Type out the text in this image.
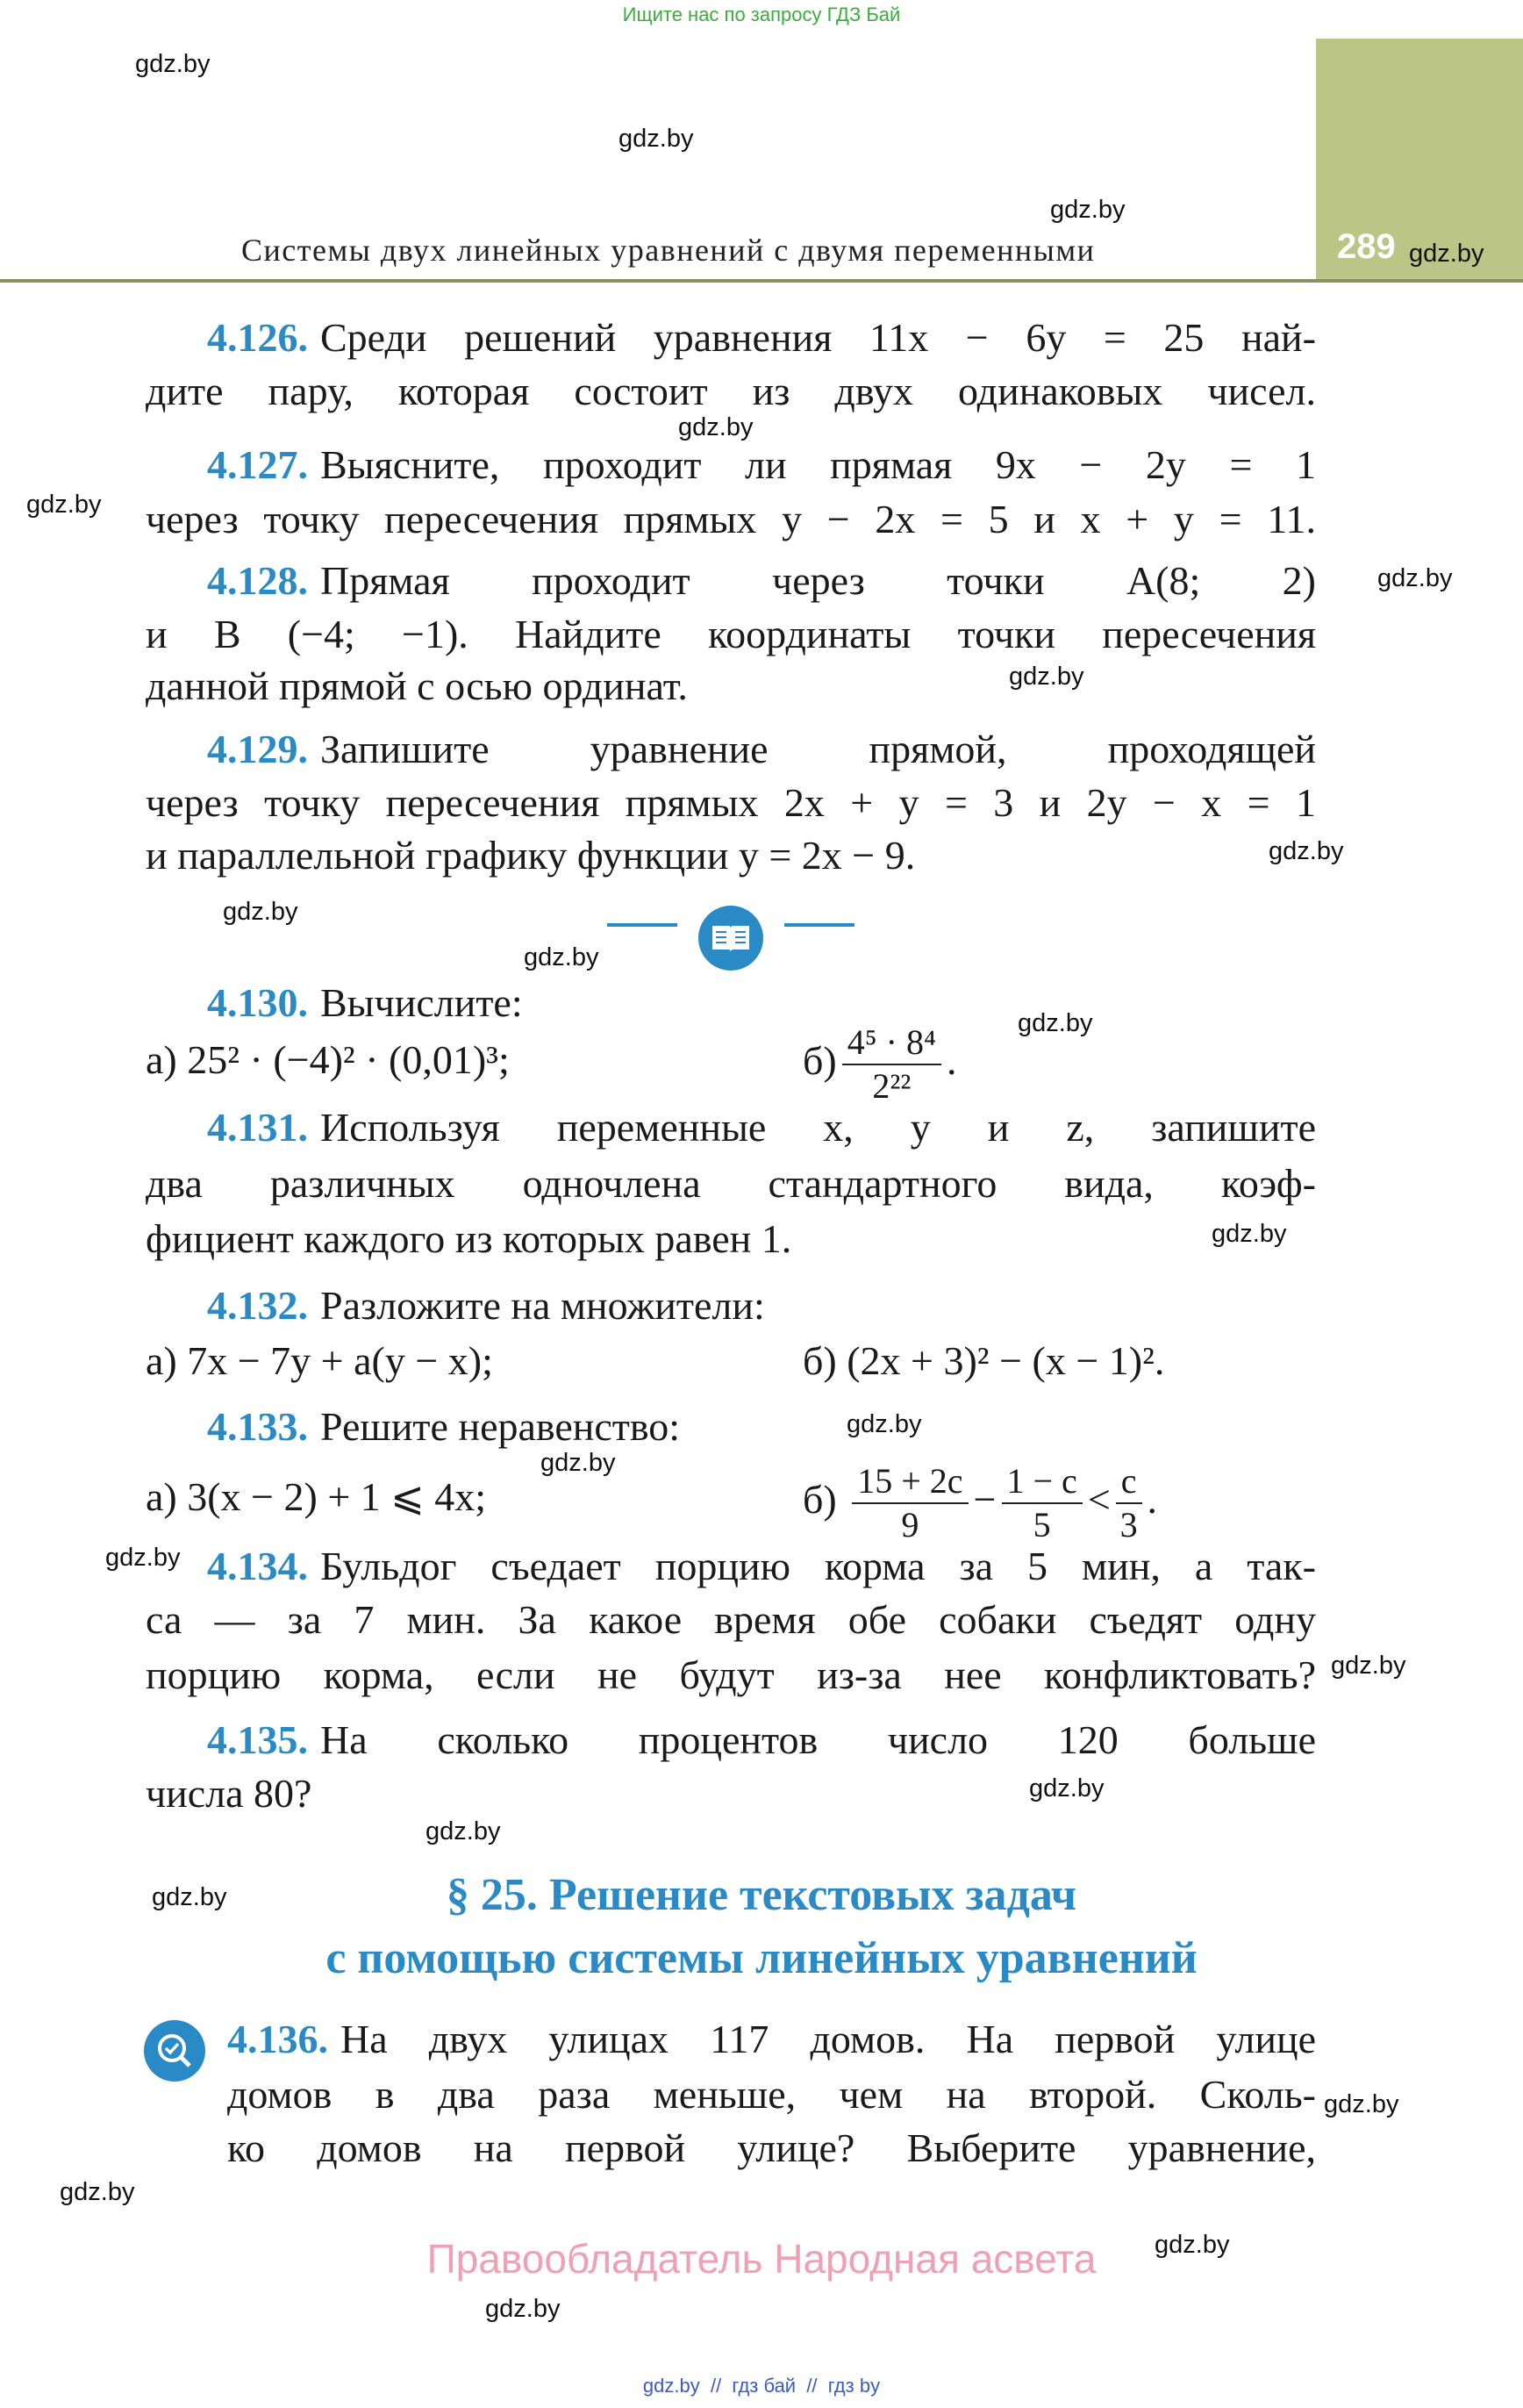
Ищите нас по запросу ГДЗ Бай
289
Системы двух линейных уравнений с двумя переменными
4.126. Среди решений уравнения 11x − 6y = 25 най-
дите пару, которая состоит из двух одинаковых чисел.
4.127. Выясните, проходит ли прямая 9x − 2y = 1
через точку пересечения прямых y − 2x = 5 и x + y = 11.
4.128. Прямая проходит через точки A(8; 2)
и B (−4; −1). Найдите координаты точки пересечения
данной прямой с осью ординат.
4.129. Запишите уравнение прямой, проходящей
через точку пересечения прямых 2x + y = 3 и 2y − x = 1
и параллельной графику функции y = 2x − 9.
4.130. Вычислите:
а) 25² · (−4)² · (0,01)³;	$б) \frac{\text{4⁵ · 8⁴}}{\text{2²²}}$ .
4.131. Используя переменные x, y и z, запишите
два различных одночлена стандартного вида, коэф-
фициент каждого из которых равен 1.
4.132. Разложите на множители:
а) 7x − 7y + a(y − x);	б) (2x + 3)² − (x − 1)².
4.133. Решите неравенство:
а) 3(x − 2) + 1 ⩽ 4x;	$б) \frac{15 + 2c}{9} - \frac{1 - c}{5} < \frac{c}{3}$ .
4.134. Бульдог съедает порцию корма за 5 мин, а так-
са — за 7 мин. За какое время обе собаки съедят одну
порцию корма, если не будут из-за нее конфликтовать?
4.135. На сколько процентов число 120 больше
числа 80?
§ 25. Решение текстовых задач
с помощью системы линейных уравнений
4.136. На двух улицах 117 домов. На первой улице
домов в два раза меньше, чем на второй. Сколь-
ко домов на первой улице? Выберите уравнение,
Правообладатель Народная асвета
gdz.by  //  гдз бай  //  гдз by
gdz.by
gdz.by
gdz.by
gdz.by
gdz.by
gdz.by
gdz.by
gdz.by
gdz.by
gdz.by
gdz.by
gdz.by
gdz.by
gdz.by
gdz.by
gdz.by
gdz.by
gdz.by
gdz.by
gdz.by
gdz.by
gdz.by
gdz.by
gdz.by
